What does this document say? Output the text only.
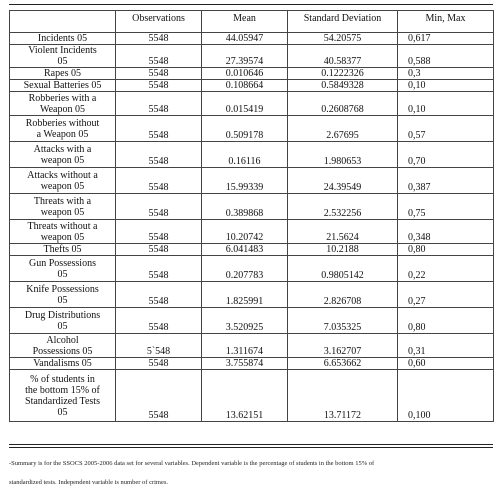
	Observations	Mean	Standard Deviation	Min, Max

Incidents 05	5548	44.05947	54.20575	0,617

Violent Incidents
05	5548	27.39574	40.58377	0,588

Rapes 05	5548	0.010646	0.1222326	0,3

Sexual Batteries 05	5548	0.108664	0.5849328	0,10

Robberies with a
Weapon 05	5548	0.015419	0.2608768	0,10

Robberies without
a Weapon 05	5548	0.509178	2.67695	0,57

Attacks with a
weapon 05	5548	0.16116	1.980653	0,70

Attacks without a
weapon 05	5548	15.99339	24.39549	0,387

Threats with a
weapon 05	5548	0.389868	2.532256	0,75

Threats without a
weapon 05	5548	10.20742	21.5624	0,348

Thefts 05	5548	6.041483	10.2188	0,80

Gun Possessions
05	5548	0.207783	0.9805142	0,22

Knife Possessions
05	5548	1.825991	2.826708	0,27

Drug Distributions
05	5548	3.520925	7.035325	0,80

Alcohol
Possessions 05	5`548	1.311674	3.162707	0,31

Vandalisms 05	5548	3.755874	6.653662	0,60

% of students in
the bottom 15% of
Standardized Tests
05	5548	13.62151	13.71172	0,100
-Summary is for the SSOCS 2005-2006 data set for several variables. Dependent variable is the percentage of students in the bottom 15% of
standardized tests. Independent variable is number of crimes.
